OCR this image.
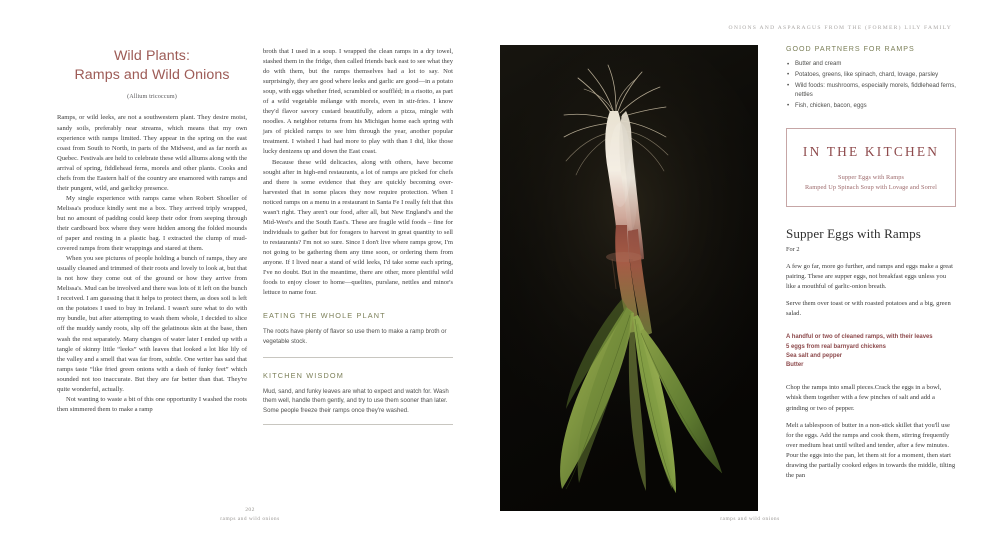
Wild Plants:
Ramps and Wild Onions
(Allium tricoccum)

Ramps, or wild leeks, are not a southwestern plant. They desire moist, sandy soils, preferably near streams, which means that my own experience with ramps limited. They appear in the spring on the east coast from South to North, in parts of the Midwest, and as far north as Quebec. Festivals are held to celebrate these wild alliums along with the arrival of spring, fiddlehead ferns, morels and other plants. Cooks and chefs from the Eastern half of the country are enamored with ramps and their pungent, wild, and garlicky presence.

My single experience with ramps came when Robert Shoeller of Melissa's produce kindly sent me a box. They arrived triply wrapped, but no amount of padding could keep their odor from seeping through their cardboard box where they were hidden among the folded mounds of paper and resting in a plastic bag. I extracted the clump of mud-covered ramps from their wrappings and stared at them.

When you see pictures of people holding a bunch of ramps, they are usually cleaned and trimmed of their roots and lovely to look at, but that is not how they come out of the ground or how they arrive from Melissa's. Mud can be involved and there was lots of it left on the bunch I received. I am guessing that it helps to protect them, as does soil is left on the potatoes I used to buy in Ireland. I wasn't sure what to do with my bundle, but after attempting to wash them whole, I decided to slice off the muddy sandy roots, slip off the gelatinous skin at the base, then wash the rest separately. Many changes of water later I ended up with a tangle of skinny little “leeks” with leaves that looked a lot like lily of the valley and a smell that was far from, subtle. One writer has said that ramps taste “like fried green onions with a dash of funky feet” which sounded not too inaccurate. But they are far better than that. They're quite wonderful, actually.

Not wanting to waste a bit of this one opportunity I washed the roots then simmered them to make a ramp

broth that I used in a soup. I wrapped the clean ramps in a dry towel, stashed them in the fridge, then called friends back east to see what they do with them, but the ramps themselves had a lot to say. Not surprisingly, they are good where leeks and garlic are good—in a potato soup, with eggs whether fried, scrambled or souffléd; in a risotto, as part of a wild vegetable mélange with morels, even in stir-fries. I know they'd flavor savory custard beautifully, adorn a pizza, mingle with noodles. A neighbor returns from his Michigan home each spring with jars of pickled ramps to see him through the year, another popular treatment. I wished I had had more to play with than I did, like those lucky denizens up and down the East coast.

Because these wild delicacies, along with others, have become sought after in high-end restaurants, a lot of ramps are picked for chefs and there is some evidence that they are quickly becoming over-harvested that in some places they now require protection. When I noticed ramps on a menu in a restaurant in Santa Fe I really felt that this wasn't right. They aren't our food, after all, but New England's and the Mid-West's and the South East's. These are fragile wild foods – fine for individuals to gather but for foragers to harvest in great quantity to sell to restaurants? I'm not so sure. Since I don't live where ramps grow, I'm not going to be gathering them any time soon, or ordering them from anyone. If I lived near a stand of wild leeks, I'd take some each spring, I've no doubt. But in the meantime, there are other, more plentiful wild foods to enjoy closer to home—quelites, purslane, nettles and minor's lettuce to name four.

EATING THE WHOLE PLANT

The roots have plenty of flavor so use them to make a ramp broth or vegetable stock.

KITCHEN WISDOM

Mud, sand, and funky leaves are what to expect and watch for. Wash them well, handle them gently, and try to use them sooner than later. Some people freeze their ramps once they're washed.

202
ramps and wild onions
ONIONS AND ASPARAGUS FROM THE (FORMER) LILY FAMILY
ramps and wild onions
GOOD PARTNERS FOR RAMPS
• Butter and cream
• Potatoes, greens, like spinach, chard, lovage, parsley
• Wild foods: mushrooms, especially morels, fiddlehead ferns, nettles
• Fish, chicken, bacon, eggs
IN THE KITCHEN
Supper Eggs with Ramps
Ramped Up Spinach Soup with Lovage and Sorrel
Supper Eggs with Ramps
For 2

A few go far, more go further, and ramps and eggs make a great pairing. These are supper eggs, not breakfast eggs unless you like a mouthful of garlic-onion breath.

Serve them over toast or with roasted potatoes and a big, green salad.

A handful or two of cleaned ramps, with their leaves
5 eggs from real barnyard chickens
Sea salt and pepper
Butter

Chop the ramps into small pieces.Crack the eggs in a bowl, whisk them together with a few pinches of salt and add a grinding or two of pepper.

Melt a tablespoon of butter in a non-stick skillet that you'll use for the eggs. Add the ramps and cook them, stirring frequently over medium heat until wilted and tender, after a few minutes. Pour the eggs into the pan, let them sit for a moment, then start drawing the partially cooked edges in towards the middle, tilting the pan
